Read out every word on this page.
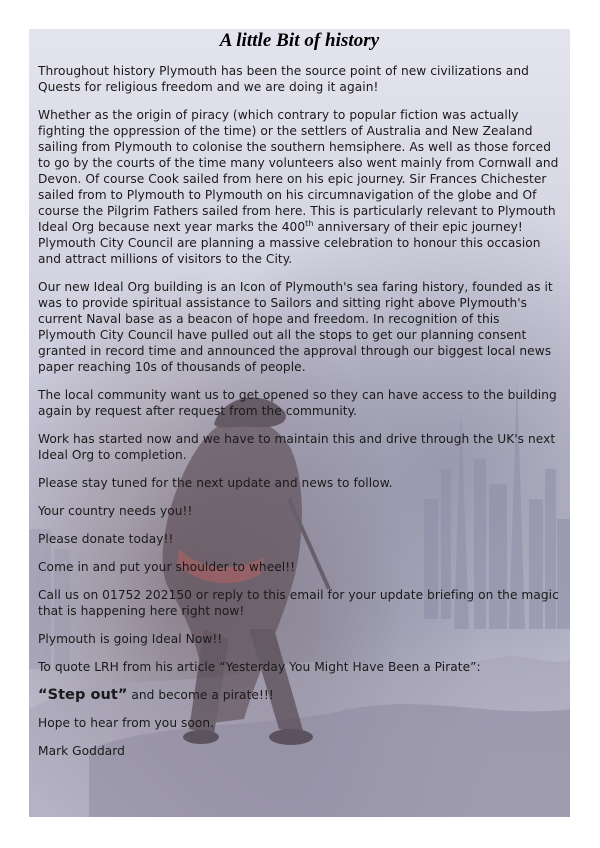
A little Bit of history

Throughout history Plymouth has been the source point of new civilizations and Quests for religious freedom and we are doing it again!

Whether as the origin of piracy (which contrary to popular fiction was actually fighting the oppression of the time) or the settlers of Australia and New Zealand sailing from Plymouth to colonise the southern hemsiphere. As well as those forced to go by the courts of the time many volunteers also went mainly from Cornwall and Devon. Of course Cook sailed from here on his epic journey. Sir Frances Chichester sailed from to Plymouth to Plymouth on his circumnavigation of the globe and Of course the Pilgrim Fathers sailed from here. This is particularly relevant to Plymouth Ideal Org because next year marks the 400th anniversary of their epic journey! Plymouth City Council are planning a massive celebration to honour this occasion and attract millions of visitors to the City.

Our new Ideal Org building is an Icon of Plymouth's sea faring history, founded as it was to provide spiritual assistance to Sailors and sitting right above Plymouth's current Naval base as a beacon of hope and freedom. In recognition of this Plymouth City Council have pulled out all the stops to get our planning consent granted in record time and announced the approval through our biggest local news paper reaching 10s of thousands of people.

The local community want us to get opened so they can have access to the building again by request after request from the community.

Work has started now and we have to maintain this and drive through the UK's next Ideal Org to completion.

Please stay tuned for the next update and news to follow.

Your country needs you!!

Please donate today!!

Come in and put your shoulder to wheel!!

Call us on 01752 202150 or reply to this email for your update briefing on the magic that is happening here right now!

Plymouth is going Ideal Now!!

To quote LRH from his article “Yesterday You Might Have Been a Pirate”:

“Step out” and become a pirate!!!

Hope to hear from you soon.

Mark Goddard
